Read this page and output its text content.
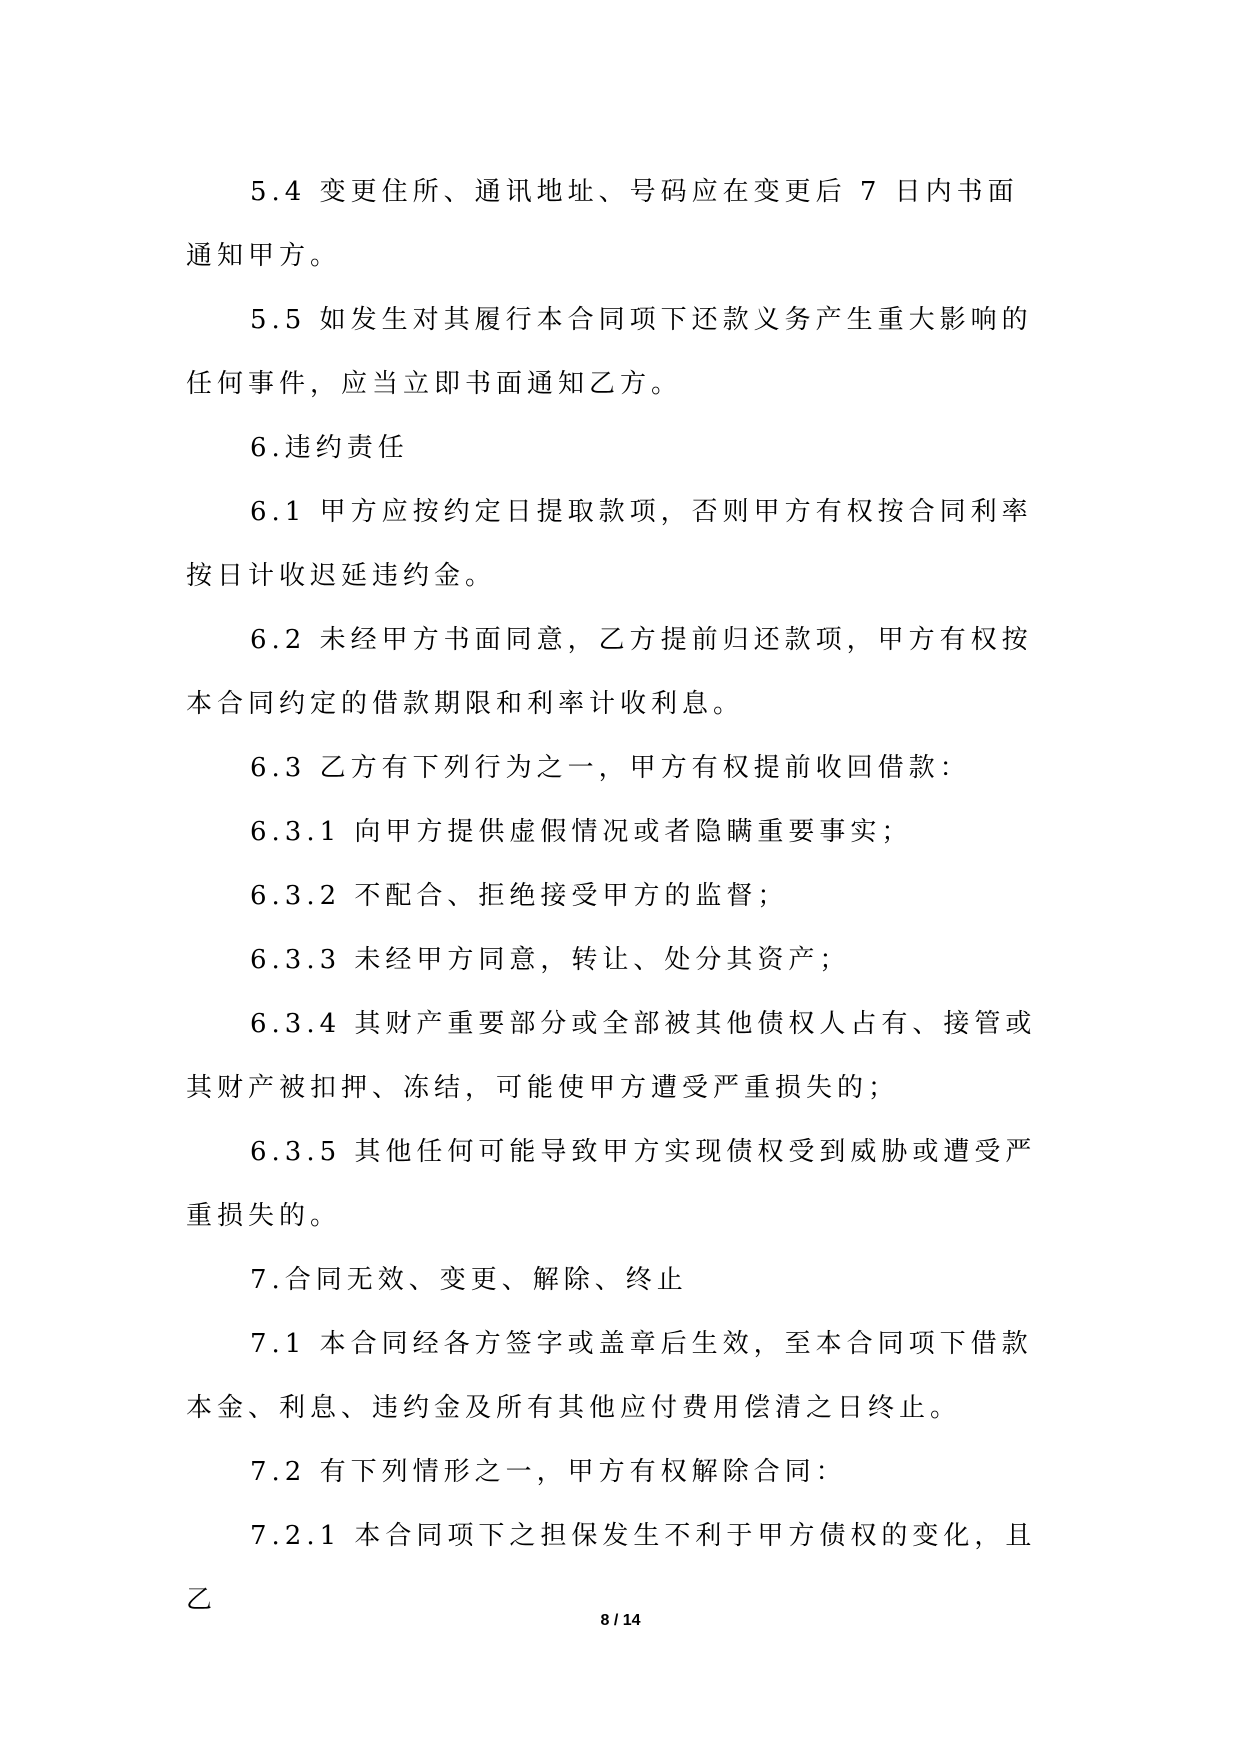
5.4 变更住所、通讯地址、号码应在变更后 7 日内书面通知甲方。

5.5 如发生对其履行本合同项下还款义务产生重大影响的任何事件，应当立即书面通知乙方。

6.违约责任

6.1 甲方应按约定日提取款项，否则甲方有权按合同利率按日计收迟延违约金。

6.2 未经甲方书面同意，乙方提前归还款项，甲方有权按本合同约定的借款期限和利率计收利息。

6.3 乙方有下列行为之一，甲方有权提前收回借款：

6.3.1 向甲方提供虚假情况或者隐瞒重要事实；

6.3.2 不配合、拒绝接受甲方的监督；

6.3.3 未经甲方同意，转让、处分其资产；

6.3.4 其财产重要部分或全部被其他债权人占有、接管或其财产被扣押、冻结，可能使甲方遭受严重损失的；

6.3.5 其他任何可能导致甲方实现债权受到威胁或遭受严重损失的。

7.合同无效、变更、解除、终止

7.1 本合同经各方签字或盖章后生效，至本合同项下借款本金、利息、违约金及所有其他应付费用偿清之日终止。

7.2 有下列情形之一，甲方有权解除合同：

7.2.1 本合同项下之担保发生不利于甲方债权的变化，且乙

8 / 14
